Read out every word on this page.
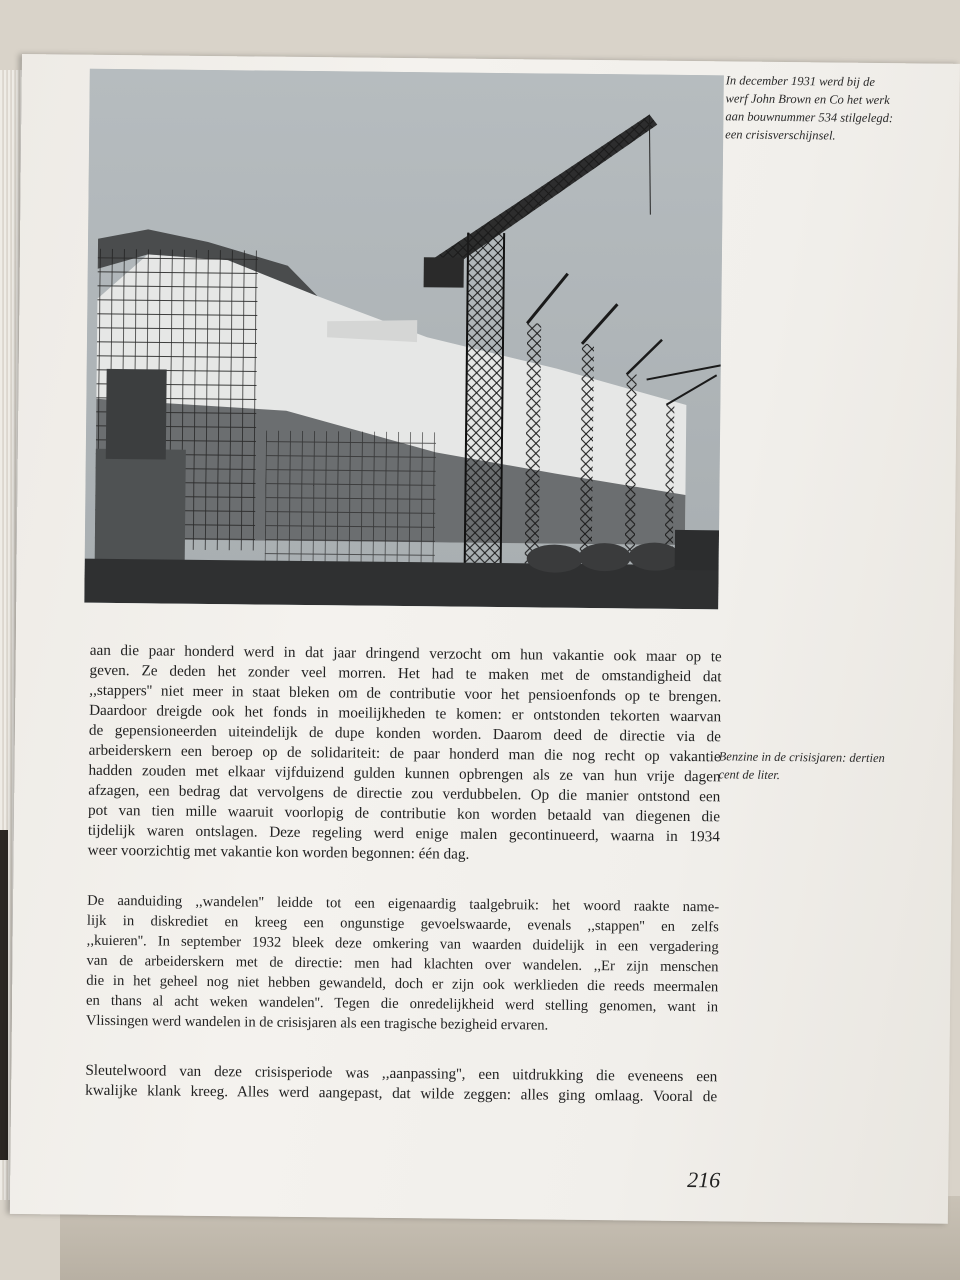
In december 1931 werd bij de
werf John Brown en Co het werk
aan bouwnummer 534 stilgelegd:
een crisisverschijnsel.
Benzine in de crisisjaren: dertien
cent de liter.
aan die paar honderd werd in dat jaar dringend verzocht om hun vakantie ook maar op te
geven. Ze deden het zonder veel morren. Het had te maken met de omstandigheid dat
,,stappers'' niet meer in staat bleken om de contributie voor het pensioenfonds op te brengen.
Daardoor dreigde ook het fonds in moeilijkheden te komen: er ontstonden tekorten waarvan
de gepensioneerden uiteindelijk de dupe konden worden. Daarom deed de directie via de
arbeiderskern een beroep op de solidariteit: de paar honderd man die nog recht op vakantie
hadden zouden met elkaar vijfduizend gulden kunnen opbrengen als ze van hun vrije dagen
afzagen, een bedrag dat vervolgens de directie zou verdubbelen. Op die manier ontstond een
pot van tien mille waaruit voorlopig de contributie kon worden betaald van diegenen die
tijdelijk waren ontslagen. Deze regeling werd enige malen gecontinueerd, waarna in 1934
weer voorzichtig met vakantie kon worden begonnen: één dag.
De aanduiding ,,wandelen'' leidde tot een eigenaardig taalgebruik: het woord raakte name-
lijk in diskrediet en kreeg een ongunstige gevoelswaarde, evenals ,,stappen'' en zelfs
,,kuieren''. In september 1932 bleek deze omkering van waarden duidelijk in een vergadering
van de arbeiderskern met de directie: men had klachten over wandelen. ,,Er zijn menschen
die in het geheel nog niet hebben gewandeld, doch er zijn ook werklieden die reeds meermalen
en thans al acht weken wandelen''. Tegen die onredelijkheid werd stelling genomen, want in
Vlissingen werd wandelen in de crisisjaren als een tragische bezigheid ervaren.
Sleutelwoord van deze crisisperiode was ,,aanpassing'', een uitdrukking die eveneens een
kwalijke klank kreeg. Alles werd aangepast, dat wilde zeggen: alles ging omlaag. Vooral de
216
